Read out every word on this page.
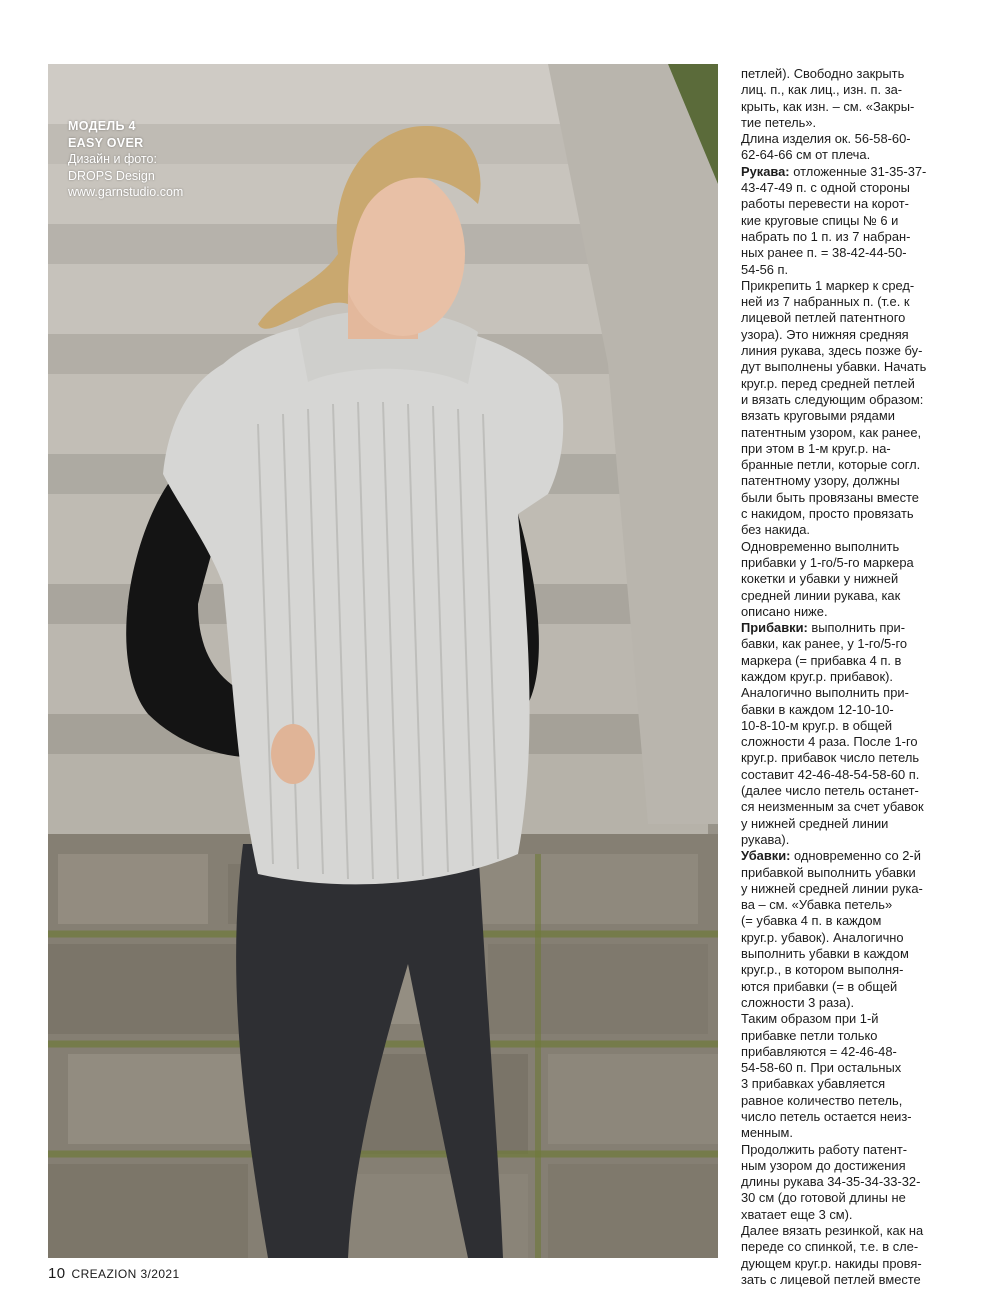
МОДЕЛЬ 4
EASY OVER
Дизайн и фото:
DROPS Design
www.garnstudio.com

петлей). Свободно закрыть
лиц. п., как лиц., изн. п. за-
крыть, как изн. – см. «Закры-
тие петель».

Длина изделия ок. 56-58-60-
62-64-66 см от плеча.

Рукава: отложенные 31-35-37-
43-47-49 п. с одной стороны
работы перевести на корот-
кие круговые спицы № 6 и
набрать по 1 п. из 7 набран-
ных ранее п. = 38-42-44-50-
54-56 п.

Прикрепить 1 маркер к сред-
ней из 7 набранных п. (т.е. к
лицевой петлей патентного
узора). Это нижняя средняя
линия рукава, здесь позже бу-
дут выполнены убавки. Начать
круг.р. перед средней петлей
и вязать следующим образом:
вязать круговыми рядами
патентным узором, как ранее,
при этом в 1-м круг.р. на-
бранные петли, которые согл.
патентному узору, должны
были быть провязаны вместе
с накидом, просто провязать
без накида.

Одновременно выполнить
прибавки у 1-го/5-го маркера
кокетки и убавки у нижней
средней линии рукава, как
описано ниже.

Прибавки: выполнить при-
бавки, как ранее, у 1-го/5-го
маркера (= прибавка 4 п. в
каждом круг.р. прибавок).
Аналогично выполнить при-
бавки в каждом 12-10-10-
10-8-10-м круг.р. в общей
сложности 4 раза. После 1-го
круг.р. прибавок число петель
составит 42-46-48-54-58-60 п.
(далее число петель останет-
ся неизменным за счет убавок
у нижней средней линии
рукава).

Убавки: одновременно со 2-й
прибавкой выполнить убавки
у нижней средней линии рука-
ва – см. «Убавка петель»
(= убавка 4 п. в каждом
круг.р. убавок). Аналогично
выполнить убавки в каждом
круг.р., в котором выполня-
ются прибавки (= в общей
сложности 3 раза).

Таким образом при 1-й
прибавке петли только
прибавляются = 42-46-48-
54-58-60 п. При остальных
3 прибавках убавляется
равное количество петель,
число петель остается неиз-
менным.

Продолжить работу патент-
ным узором до достижения
длины рукава 34-35-34-33-32-
30 см (до готовой длины не
хватает еще 3 см).

Далее вязать резинкой, как на
переде со спинкой, т.е. в сле-
дующем круг.р. накиды провя-
зать с лицевой петлей вместе

10 CREAZION 3/2021
